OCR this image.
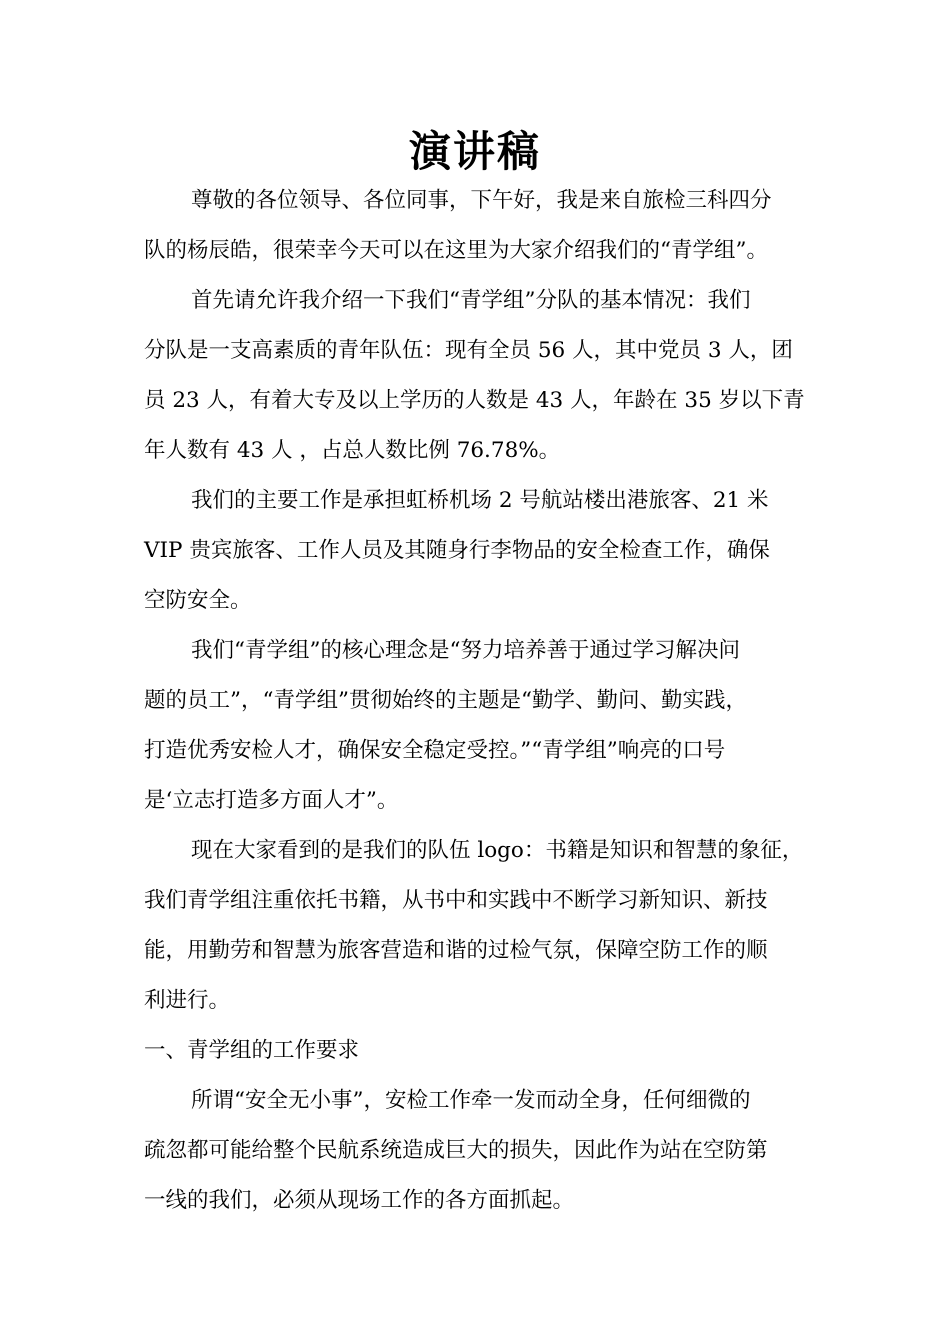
演讲稿
尊敬的各位领导、各位同事，下午好，我是来自旅检三科四分
队的杨辰皓，很荣幸今天可以在这里为大家介绍我们的“青学组”。
首先请允许我介绍一下我们“青学组”分队的基本情况：我们
分队是一支高素质的青年队伍：现有全员 56 人，其中党员 3 人，团
员 23 人，有着大专及以上学历的人数是 43 人，年龄在 35 岁以下青
年人数有 43 人 ，占总人数比例 76.78%。
我们的主要工作是承担虹桥机场 2 号航站楼出港旅客、21 米
VIP 贵宾旅客、工作人员及其随身行李物品的安全检查工作，确保
空防安全。
我们“青学组”的核心理念是“努力培养善于通过学习解决问
题的员工”，“青学组”贯彻始终的主题是“勤学、勤问、勤实践，
打造优秀安检人才，确保安全稳定受控。”“青学组”响亮的口号
是‘立志打造多方面人才”。
现在大家看到的是我们的队伍 logo：书籍是知识和智慧的象征，
我们青学组注重依托书籍，从书中和实践中不断学习新知识、新技
能，用勤劳和智慧为旅客营造和谐的过检气氛，保障空防工作的顺
利进行。
一、青学组的工作要求
所谓“安全无小事”，安检工作牵一发而动全身，任何细微的
疏忽都可能给整个民航系统造成巨大的损失，因此作为站在空防第
一线的我们，必须从现场工作的各方面抓起。
